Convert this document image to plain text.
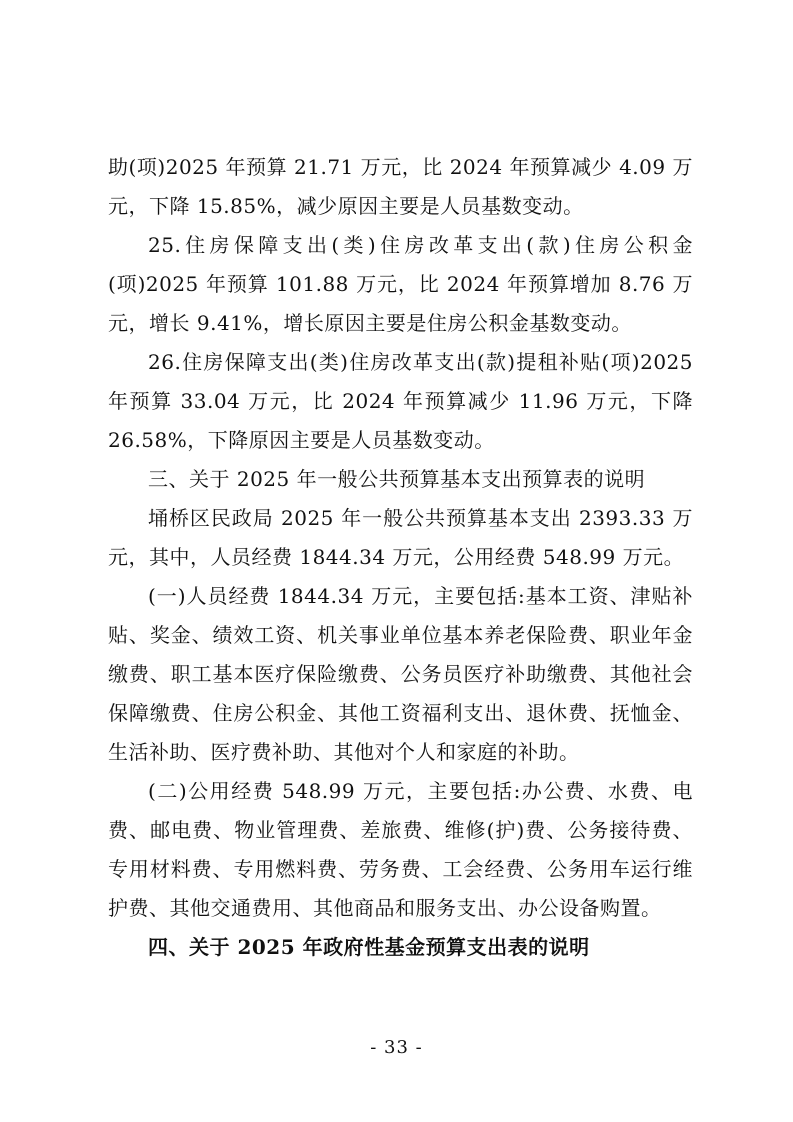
助(项)2025 年预算 21.71 万元，比 2024 年预算减少 4.09 万元，下降 15.85%，减少原因主要是人员基数变动。

25.住房保障支出(类)住房改革支出(款)住房公积金(项)2025 年预算 101.88 万元，比 2024 年预算增加 8.76 万元，增长 9.41%，增长原因主要是住房公积金基数变动。

26.住房保障支出(类)住房改革支出(款)提租补贴(项)2025 年预算 33.04 万元，比 2024 年预算减少 11.96 万元，下降 26.58%，下降原因主要是人员基数变动。

三、关于 2025 年一般公共预算基本支出预算表的说明

埇桥区民政局 2025 年一般公共预算基本支出 2393.33 万元，其中，人员经费 1844.34 万元，公用经费 548.99 万元。

(一)人员经费 1844.34 万元，主要包括:基本工资、津贴补贴、奖金、绩效工资、机关事业单位基本养老保险费、职业年金缴费、职工基本医疗保险缴费、公务员医疗补助缴费、其他社会保障缴费、住房公积金、其他工资福利支出、退休费、抚恤金、生活补助、医疗费补助、其他对个人和家庭的补助。

(二)公用经费 548.99 万元，主要包括:办公费、水费、电费、邮电费、物业管理费、差旅费、维修(护)费、公务接待费、专用材料费、专用燃料费、劳务费、工会经费、公务用车运行维护费、其他交通费用、其他商品和服务支出、办公设备购置。

四、关于 2025 年政府性基金预算支出表的说明

- 33 -
